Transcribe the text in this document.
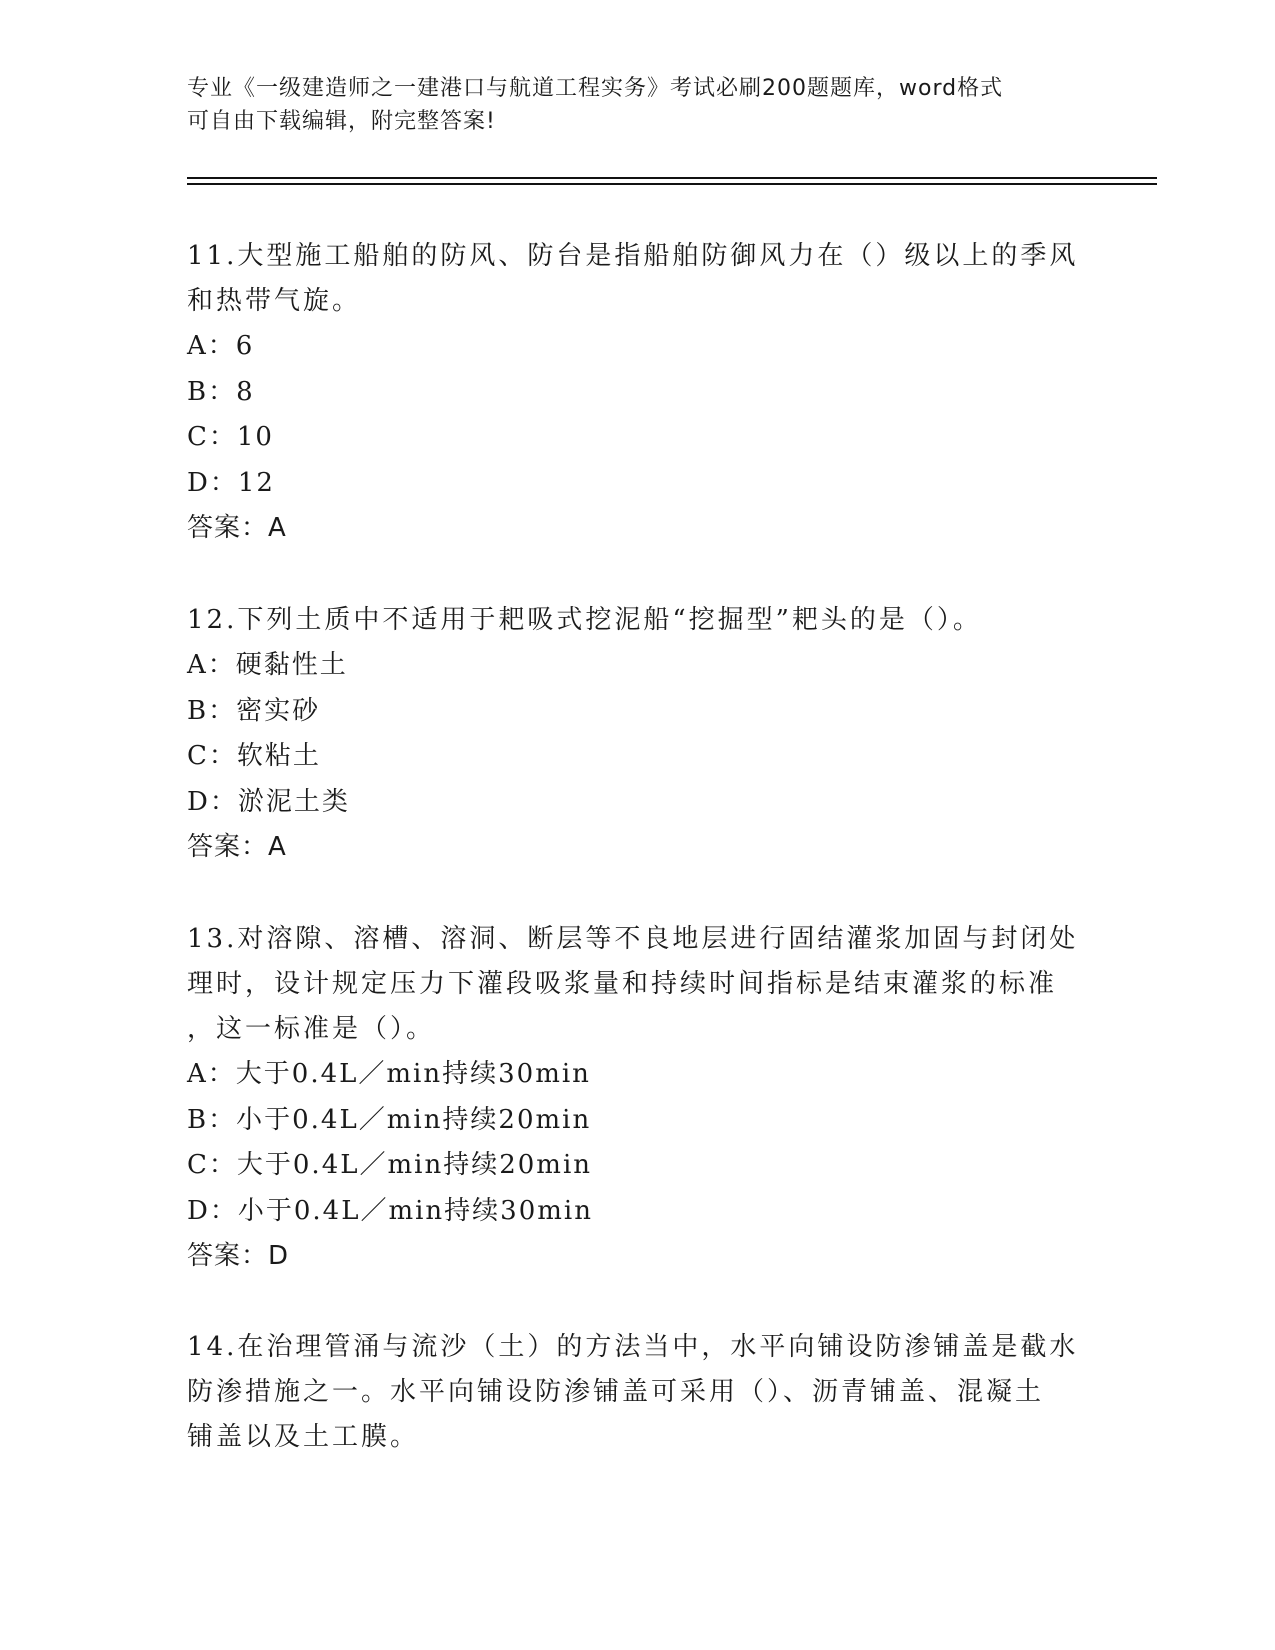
专业《一级建造师之一建港口与航道工程实务》考试必刷200题题库，word格式
可自由下载编辑，附完整答案!
11.大型施工船舶的防风、防台是指船舶防御风力在（）级以上的季风
和热带气旋。
A：6
B：8
C：10
D：12
答案：A
12.下列土质中不适用于耙吸式挖泥船“挖掘型”耙头的是（）。
A：硬黏性土
B：密实砂
C：软粘土
D：淤泥土类
答案：A
13.对溶隙、溶槽、溶洞、断层等不良地层进行固结灌浆加固与封闭处
理时，设计规定压力下灌段吸浆量和持续时间指标是结束灌浆的标准
，这一标准是（）。
A：大于0.4L／min持续30min
B：小于0.4L／min持续20min
C：大于0.4L／min持续20min
D：小于0.4L／min持续30min
答案：D
14.在治理管涌与流沙（土）的方法当中，水平向铺设防渗铺盖是截水
防渗措施之一。水平向铺设防渗铺盖可采用（）、沥青铺盖、混凝土
铺盖以及土工膜。
